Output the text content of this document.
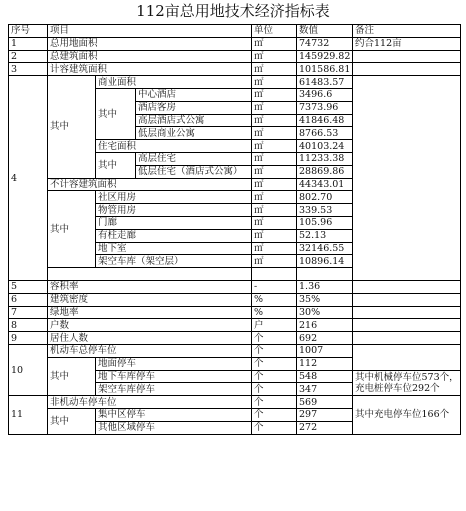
112亩总用地技术经济指标表
序号	项目			单位	数值	备注
1	总用地面积			㎡	74732	约合112亩
2	总建筑面积			㎡	145929.82	
3	计容建筑面积			㎡	101586.81	
4	其中	商业面积		㎡	61483.57	
		其中	中心酒店	㎡	3496.6	
			酒店客房	㎡	7373.96	
			高层酒店式公寓	㎡	41846.48	
			低层商业公寓	㎡	8766.53	
		住宅面积		㎡	40103.24	
		其中	高层住宅	㎡	11233.38	
			低层住宅（酒店式公寓）	㎡	28869.86	
	不计容建筑面积			㎡	44343.01	
	其中	社区用房		㎡	802.70	
		物管用房		㎡	339.53	
		门廊		㎡	105.96	
		有柱走廊		㎡	52.13	
		地下室		㎡	32146.55	
		架空车库（架空层）		㎡	10896.14	

5	容积率			-	1.36	
6	建筑密度			%	35%	
7	绿地率			%	30%	
8	户数			户	216	
9	居住人数			个	692	
10	机动车总停车位			个	1007	
	其中	地面停车		个	112	
		地下车库停车		个	548	其中机械停车位573个，
充电桩停车位292个
		架空车库停车		个	347	
11	非机动车停车位			个	569	其中充电停车位166个
	其中	集中区停车		个	297	
		其他区域停车		个	272	
